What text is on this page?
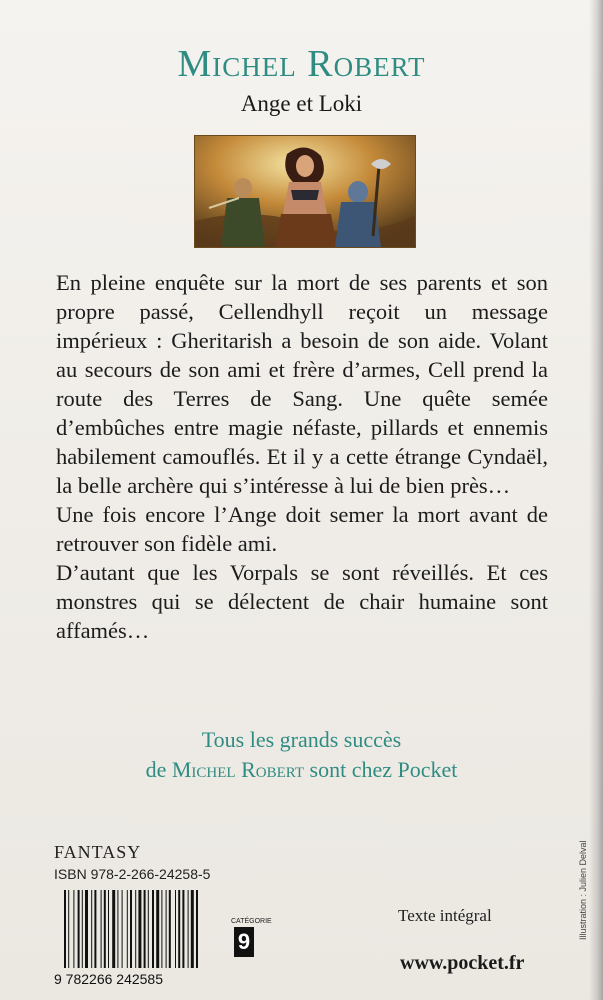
Michel Robert
Ange et Loki

En pleine enquête sur la mort de ses parents et son propre passé, Cellendhyll reçoit un message impérieux : Gheritarish a besoin de son aide. Volant au secours de son ami et frère d’armes, Cell prend la route des Terres de Sang. Une quête semée d’embûches entre magie néfaste, pillards et ennemis habilement camouflés. Et il y a cette étrange Cyndaël, la belle archère qui s’intéresse à lui de bien près…

Une fois encore l’Ange doit semer la mort avant de retrouver son fidèle ami.

D’autant que les Vorpals se sont réveillés. Et ces monstres qui se délectent de chair humaine sont affamés…

Tous les grands succès
de Michel Robert sont chez Pocket
FANTASY
ISBN 978-2-266-24258-5
9 782266 242585
CATÉGORIE
9
Texte intégral
www.pocket.fr
Illustration : Julien Delval
